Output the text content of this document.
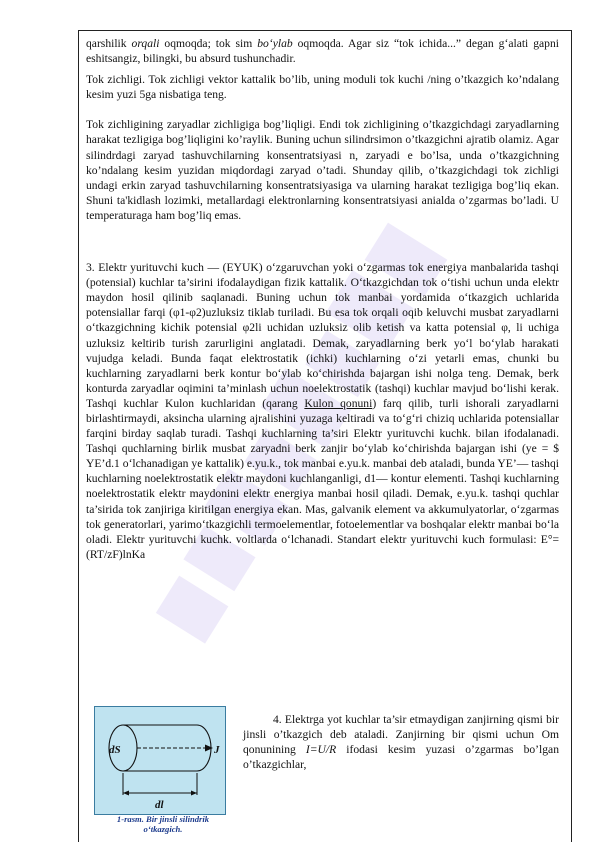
qarshilik orqali oqmoqda; tok sim bo‘ylab oqmoqda. Agar siz “tok ichida...” degan g‘alati gapni eshitsangiz, bilingki, bu absurd tushunchadir.

Tok zichligi. Tok zichligi vektor kattalik bo’lib, uning moduli tok kuchi /ning o’tkazgich ko’ndalang kesim yuzi 5ga nisbatiga teng.

Tok zichligining zaryadlar zichligiga bog’liqligi. Endi tok zichligining o’tkazgichdagi zaryadlarning harakat tezligiga bog’liqligini ko’raylik. Buning uchun silindrsimon o’tkazgichni ajratib olamiz. Agar silindrdagi zaryad tashuvchilarning konsentratsiyasi n, zaryadi e bo’lsa, unda o’tkazgichning ko’ndalang kesim yuzidan miqdordagi zaryad o’tadi. Shunday qilib, o’tkazgichdagi tok zichligi undagi erkin zaryad tashuvchilarning konsentratsiyasiga va ularning harakat tezligiga bog’liq ekan. Shuni ta'kidlash lozimki, metallardagi elektronlarning konsentratsiyasi anialda o’zgarmas bo’ladi. U temperaturaga ham bog’liq emas.

3. Elektr yurituvchi kuch — (EYUK) o‘zgaruvchan yoki o‘zgarmas tok energiya manbalarida tashqi (potensial) kuchlar ta’sirini ifodalaydigan fizik kattalik. O‘tkazgichdan tok o‘tishi uchun unda elektr maydon hosil qilinib saqlanadi. Buning uchun tok manbai yordamida o‘tkazgich uchlarida potensiallar farqi (φ1-φ2)uzluksiz tiklab turiladi. Bu esa tok orqali oqib keluvchi musbat zaryadlarni o‘tkazgichning kichik potensial φ2li uchidan uzluksiz olib ketish va katta potensial φ, li uchiga uzluksiz keltirib turish zarurligini anglatadi. Demak, zaryadlarning berk yo‘l bo‘ylab harakati vujudga keladi. Bunda faqat elektrostatik (ichki) kuchlarning o‘zi yetarli emas, chunki bu kuchlarning zaryadlarni berk kontur bo‘ylab ko‘chirishda bajargan ishi nolga teng. Demak, berk konturda zaryadlar oqimini ta’minlash uchun noelektrostatik (tashqi) kuchlar mavjud bo‘lishi kerak. Tashqi kuchlar Kulon kuchlaridan (qarang Kulon qonuni) farq qilib, turli ishorali zaryadlarni birlashtirmaydi, aksincha ularning ajralishini yuzaga keltiradi va to‘g‘ri chiziq uchlarida potensiallar farqini birday saqlab turadi. Tashqi kuchlarning ta’siri Elektr yurituvchi kuchk. bilan ifodalanadi. Tashqi quchlarning birlik musbat zaryadni berk zanjir bo‘ylab ko‘chirishda bajargan ishi (ye = $ YE’d.1 o‘lchanadigan ye kattalik) e.yu.k., tok manbai e.yu.k. manbai deb ataladi, bunda YE’— tashqi kuchlarning noelektrostatik elektr maydoni kuchlanganligi, d1— kontur elementi. Tashqi kuchlarning noelektrostatik elektr maydonini elektr energiya manbai hosil qiladi. Demak, e.yu.k. tashqi quchlar ta’sirida tok zanjiriga kiritilgan energiya ekan. Mas, galvanik element va akkumulyatorlar, o‘zgarmas tok generatorlari, yarimo‘tkazgichli termoelementlar, fotoelementlar va boshqalar elektr manbai bo‘la oladi. Elektr yurituvchi kuchk. voltlarda o‘lchanadi. Standart elektr yurituvchi kuch formulasi: E°=(RT/zF)lnKa

dS	J
dl
1-rasm. Bir jinsli silindrik
o‘tkazgich.

4. Elektrga yot kuchlar ta’sir etmaydigan zanjirning qismi bir jinsli o’tkazgich deb ataladi. Zanjirning bir qismi uchun Om qonunining I=U/R ifodasi kesim yuzasi o’zgarmas bo’lgan o’tkazgichlar,
